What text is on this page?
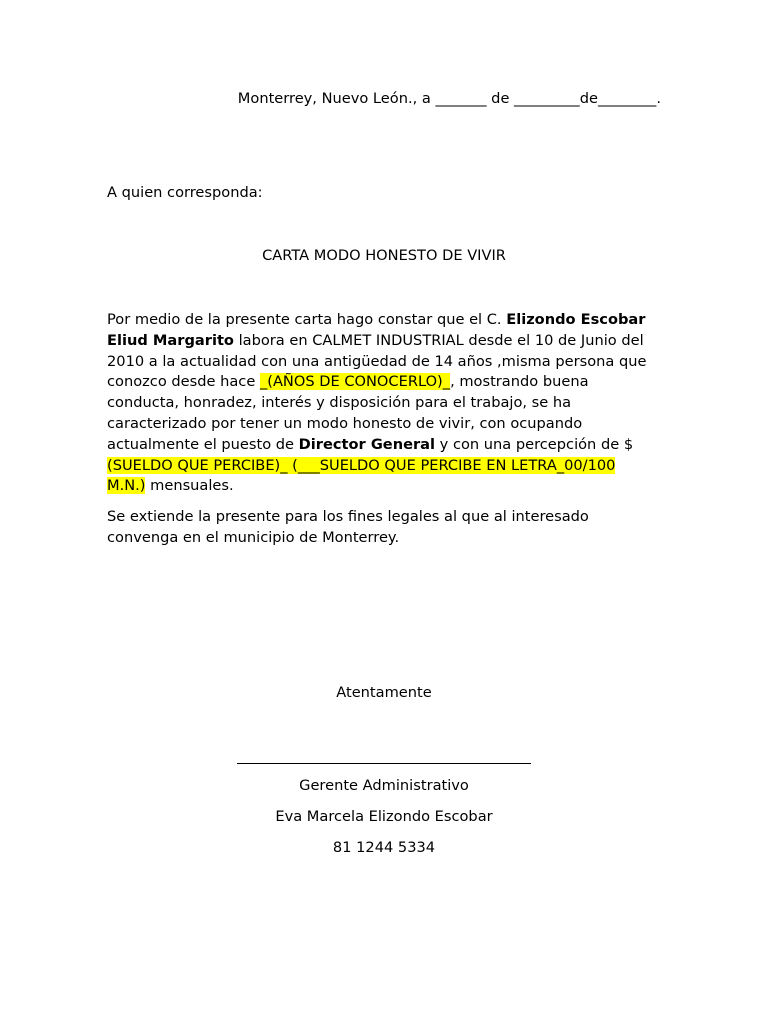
Monterrey, Nuevo León., a _______ de _________de________.
A quien corresponda:
CARTA MODO HONESTO DE VIVIR

Por medio de la presente carta hago constar que el C. Elizondo Escobar Eliud Margarito labora en CALMET INDUSTRIAL desde el 10 de Junio del 2010 a la actualidad con una antigüedad de 14 años ,misma persona que conozco desde hace _(AÑOS DE CONOCERLO)_, mostrando buena conducta, honradez, interés y disposición para el trabajo, se ha caracterizado por tener un modo honesto de vivir, con ocupando actualmente el puesto de Director General y con una percepción de $ (SUELDO QUE PERCIBE)_ (___SUELDO QUE PERCIBE EN LETRA_00/100 M.N.) mensuales.

Se extiende la presente para los fines legales al que al interesado convenga en el municipio de Monterrey.

Atentamente
Gerente Administrativo
Eva Marcela Elizondo Escobar
81 1244 5334
